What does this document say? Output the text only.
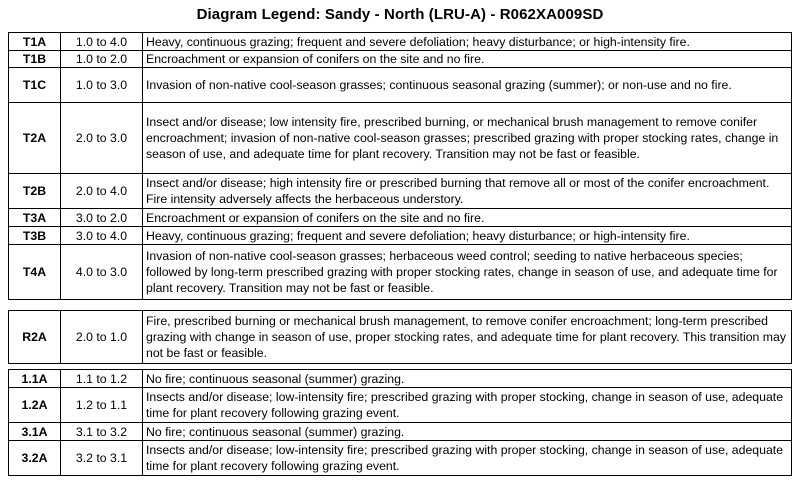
Diagram Legend: Sandy - North (LRU-A) - R062XA009SD
T1A	1.0 to 4.0	Heavy, continuous grazing; frequent and severe defoliation; heavy disturbance; or high-intensity fire.
T1B	1.0 to 2.0	Encroachment or expansion of conifers on the site and no fire.
T1C	1.0 to 3.0	Invasion of non-native cool-season grasses; continuous seasonal grazing (summer); or non-use and no fire.
T2A	2.0 to 3.0	Insect and/or disease; low intensity fire, prescribed burning, or mechanical brush management to remove conifer encroachment; invasion of non-native cool-season grasses; prescribed grazing with proper stocking rates, change in season of use, and adequate time for plant recovery. Transition may not be fast or feasible.
T2B	2.0 to 4.0	Insect and/or disease; high intensity fire or prescribed burning that remove all or most of the conifer encroachment. Fire intensity adversely affects the herbaceous understory.
T3A	3.0 to 2.0	Encroachment or expansion of conifers on the site and no fire.
T3B	3.0 to 4.0	Heavy, continuous grazing; frequent and severe defoliation; heavy disturbance; or high-intensity fire.
T4A	4.0 to 3.0	Invasion of non-native cool-season grasses; herbaceous weed control; seeding to native herbaceous species; followed by long-term prescribed grazing with proper stocking rates, change in season of use, and adequate time for plant recovery. Transition may not be fast or feasible.
R2A	2.0 to 1.0	Fire, prescribed burning or mechanical brush management, to remove conifer encroachment; long-term prescribed grazing with change in season of use, proper stocking rates, and adequate time for plant recovery. This transition may not be fast or feasible.
1.1A	1.1 to 1.2	No fire; continuous seasonal (summer) grazing.
1.2A	1.2 to 1.1	Insects and/or disease; low-intensity fire; prescribed grazing with proper stocking, change in season of use, adequate time for plant recovery following grazing event.
3.1A	3.1 to 3.2	No fire; continuous seasonal (summer) grazing.
3.2A	3.2 to 3.1	Insects and/or disease; low-intensity fire; prescribed grazing with proper stocking, change in season of use, adequate time for plant recovery following grazing event.
